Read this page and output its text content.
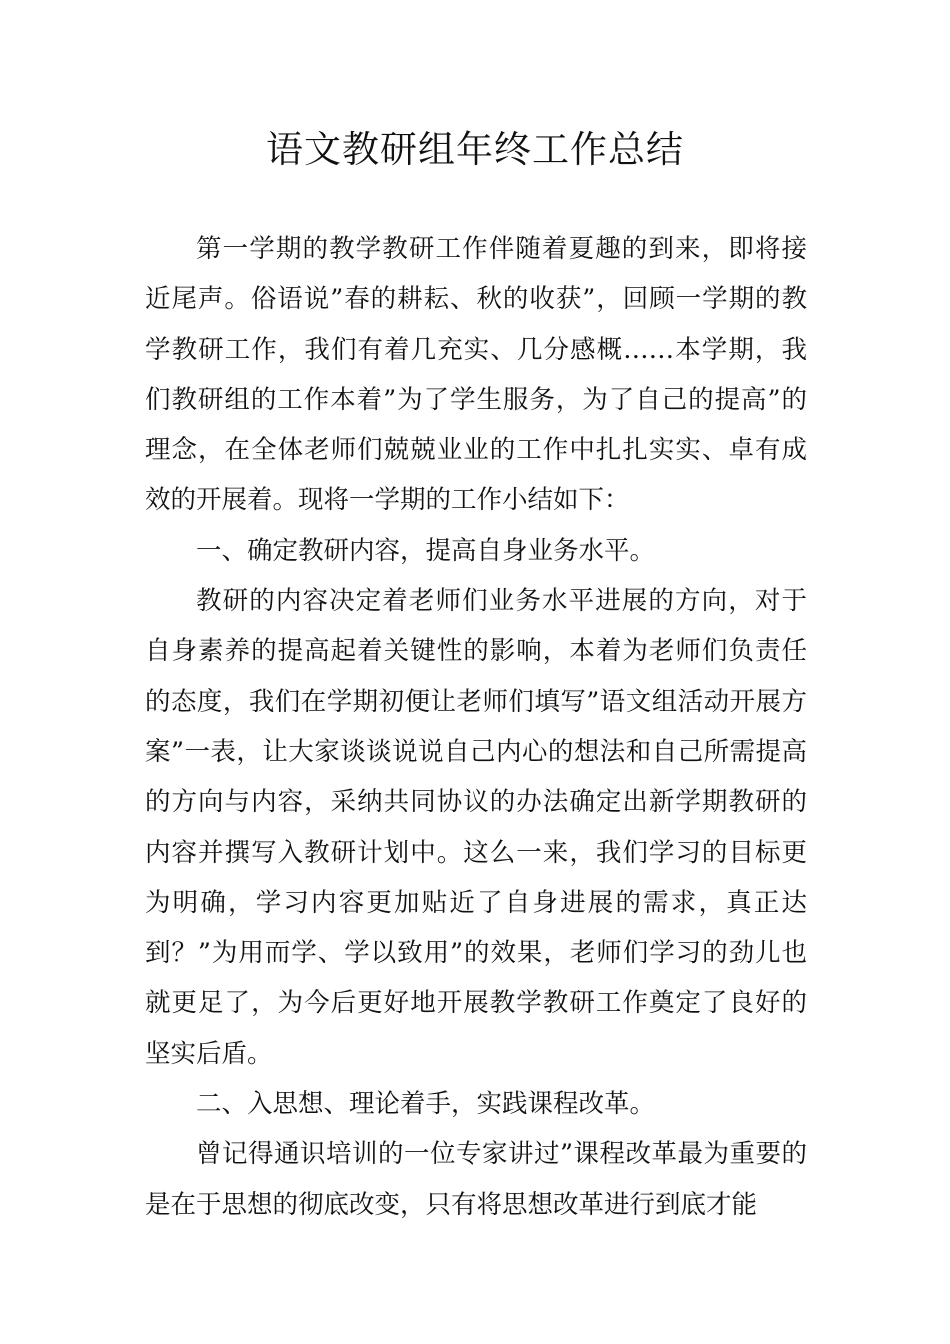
语文教研组年终工作总结

第一学期的教学教研工作伴随着夏趣的到来，即将接近尾声。俗语说”春的耕耘、秋的收获”，回顾一学期的教学教研工作，我们有着几充实、几分感概……本学期，我们教研组的工作本着”为了学生服务，为了自己的提高”的理念，在全体老师们兢兢业业的工作中扎扎实实、卓有成效的开展着。现将一学期的工作小结如下：

一、确定教研内容，提高自身业务水平。

教研的内容决定着老师们业务水平进展的方向，对于自身素养的提高起着关键性的影响，本着为老师们负责任的态度，我们在学期初便让老师们填写”语文组活动开展方案”一表，让大家谈谈说说自己内心的想法和自己所需提高的方向与内容，采纳共同协议的办法确定出新学期教研的内容并撰写入教研计划中。这么一来，我们学习的目标更为明确，学习内容更加贴近了自身进展的需求，真正达到？”为用而学、学以致用”的效果，老师们学习的劲儿也就更足了，为今后更好地开展教学教研工作奠定了良好的坚实后盾。

二、入思想、理论着手，实践课程改革。

曾记得通识培训的一位专家讲过”课程改革最为重要的是在于思想的彻底改变，只有将思想改革进行到底才能
